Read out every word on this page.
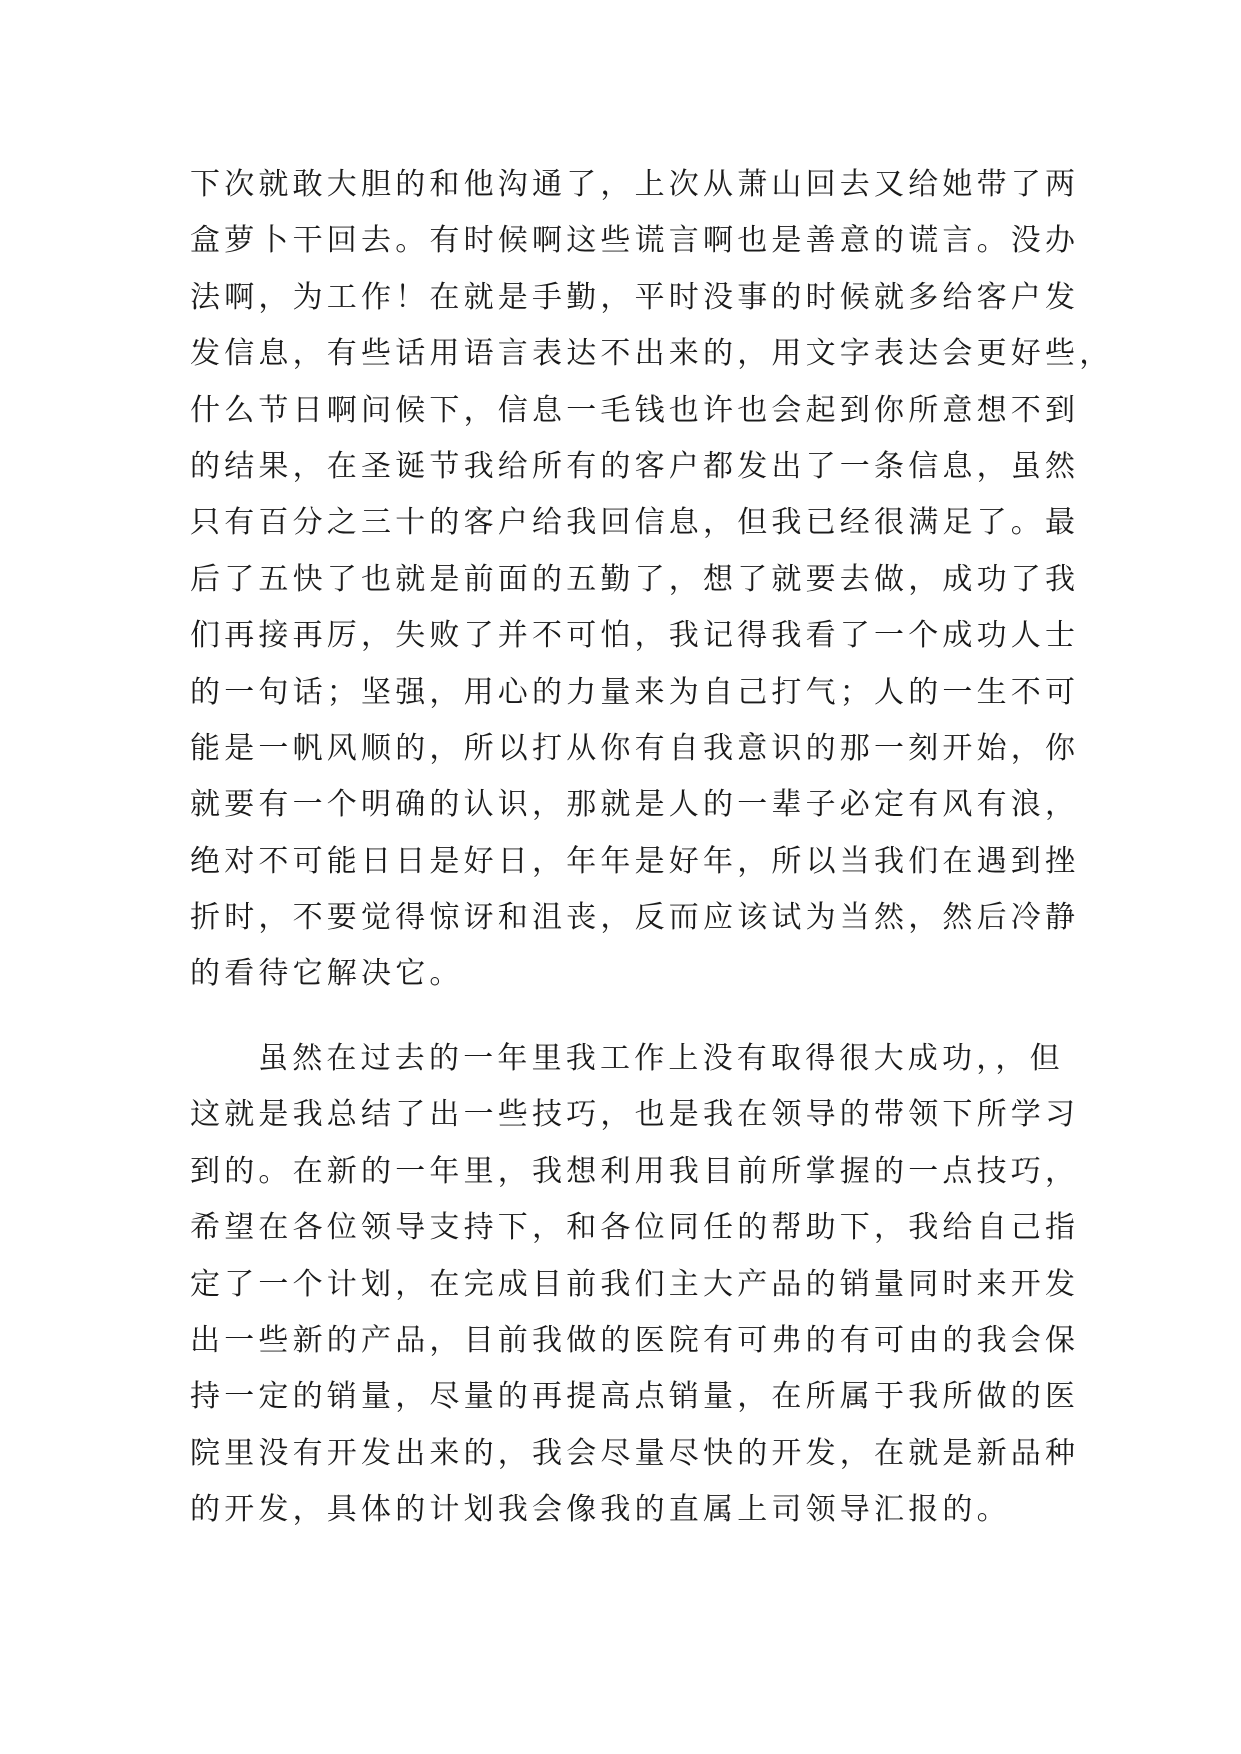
下次就敢大胆的和他沟通了，上次从萧山回去又给她带了两
盒萝卜干回去。有时候啊这些谎言啊也是善意的谎言。没办
法啊，为工作！在就是手勤，平时没事的时候就多给客户发
发信息，有些话用语言表达不出来的，用文字表达会更好些，
什么节日啊问候下，信息一毛钱也许也会起到你所意想不到
的结果，在圣诞节我给所有的客户都发出了一条信息，虽然
只有百分之三十的客户给我回信息，但我已经很满足了。最
后了五快了也就是前面的五勤了，想了就要去做，成功了我
们再接再厉，失败了并不可怕，我记得我看了一个成功人士
的一句话；坚强，用心的力量来为自己打气；人的一生不可
能是一帆风顺的，所以打从你有自我意识的那一刻开始，你
就要有一个明确的认识，那就是人的一辈子必定有风有浪，
绝对不可能日日是好日，年年是好年，所以当我们在遇到挫
折时，不要觉得惊讶和沮丧，反而应该试为当然，然后冷静
的看待它解决它。
虽然在过去的一年里我工作上没有取得很大成功，，但
这就是我总结了出一些技巧，也是我在领导的带领下所学习
到的。在新的一年里，我想利用我目前所掌握的一点技巧，
希望在各位领导支持下，和各位同任的帮助下，我给自己指
定了一个计划，在完成目前我们主大产品的销量同时来开发
出一些新的产品，目前我做的医院有可弗的有可由的我会保
持一定的销量，尽量的再提高点销量，在所属于我所做的医
院里没有开发出来的，我会尽量尽快的开发，在就是新品种
的开发，具体的计划我会像我的直属上司领导汇报的。
